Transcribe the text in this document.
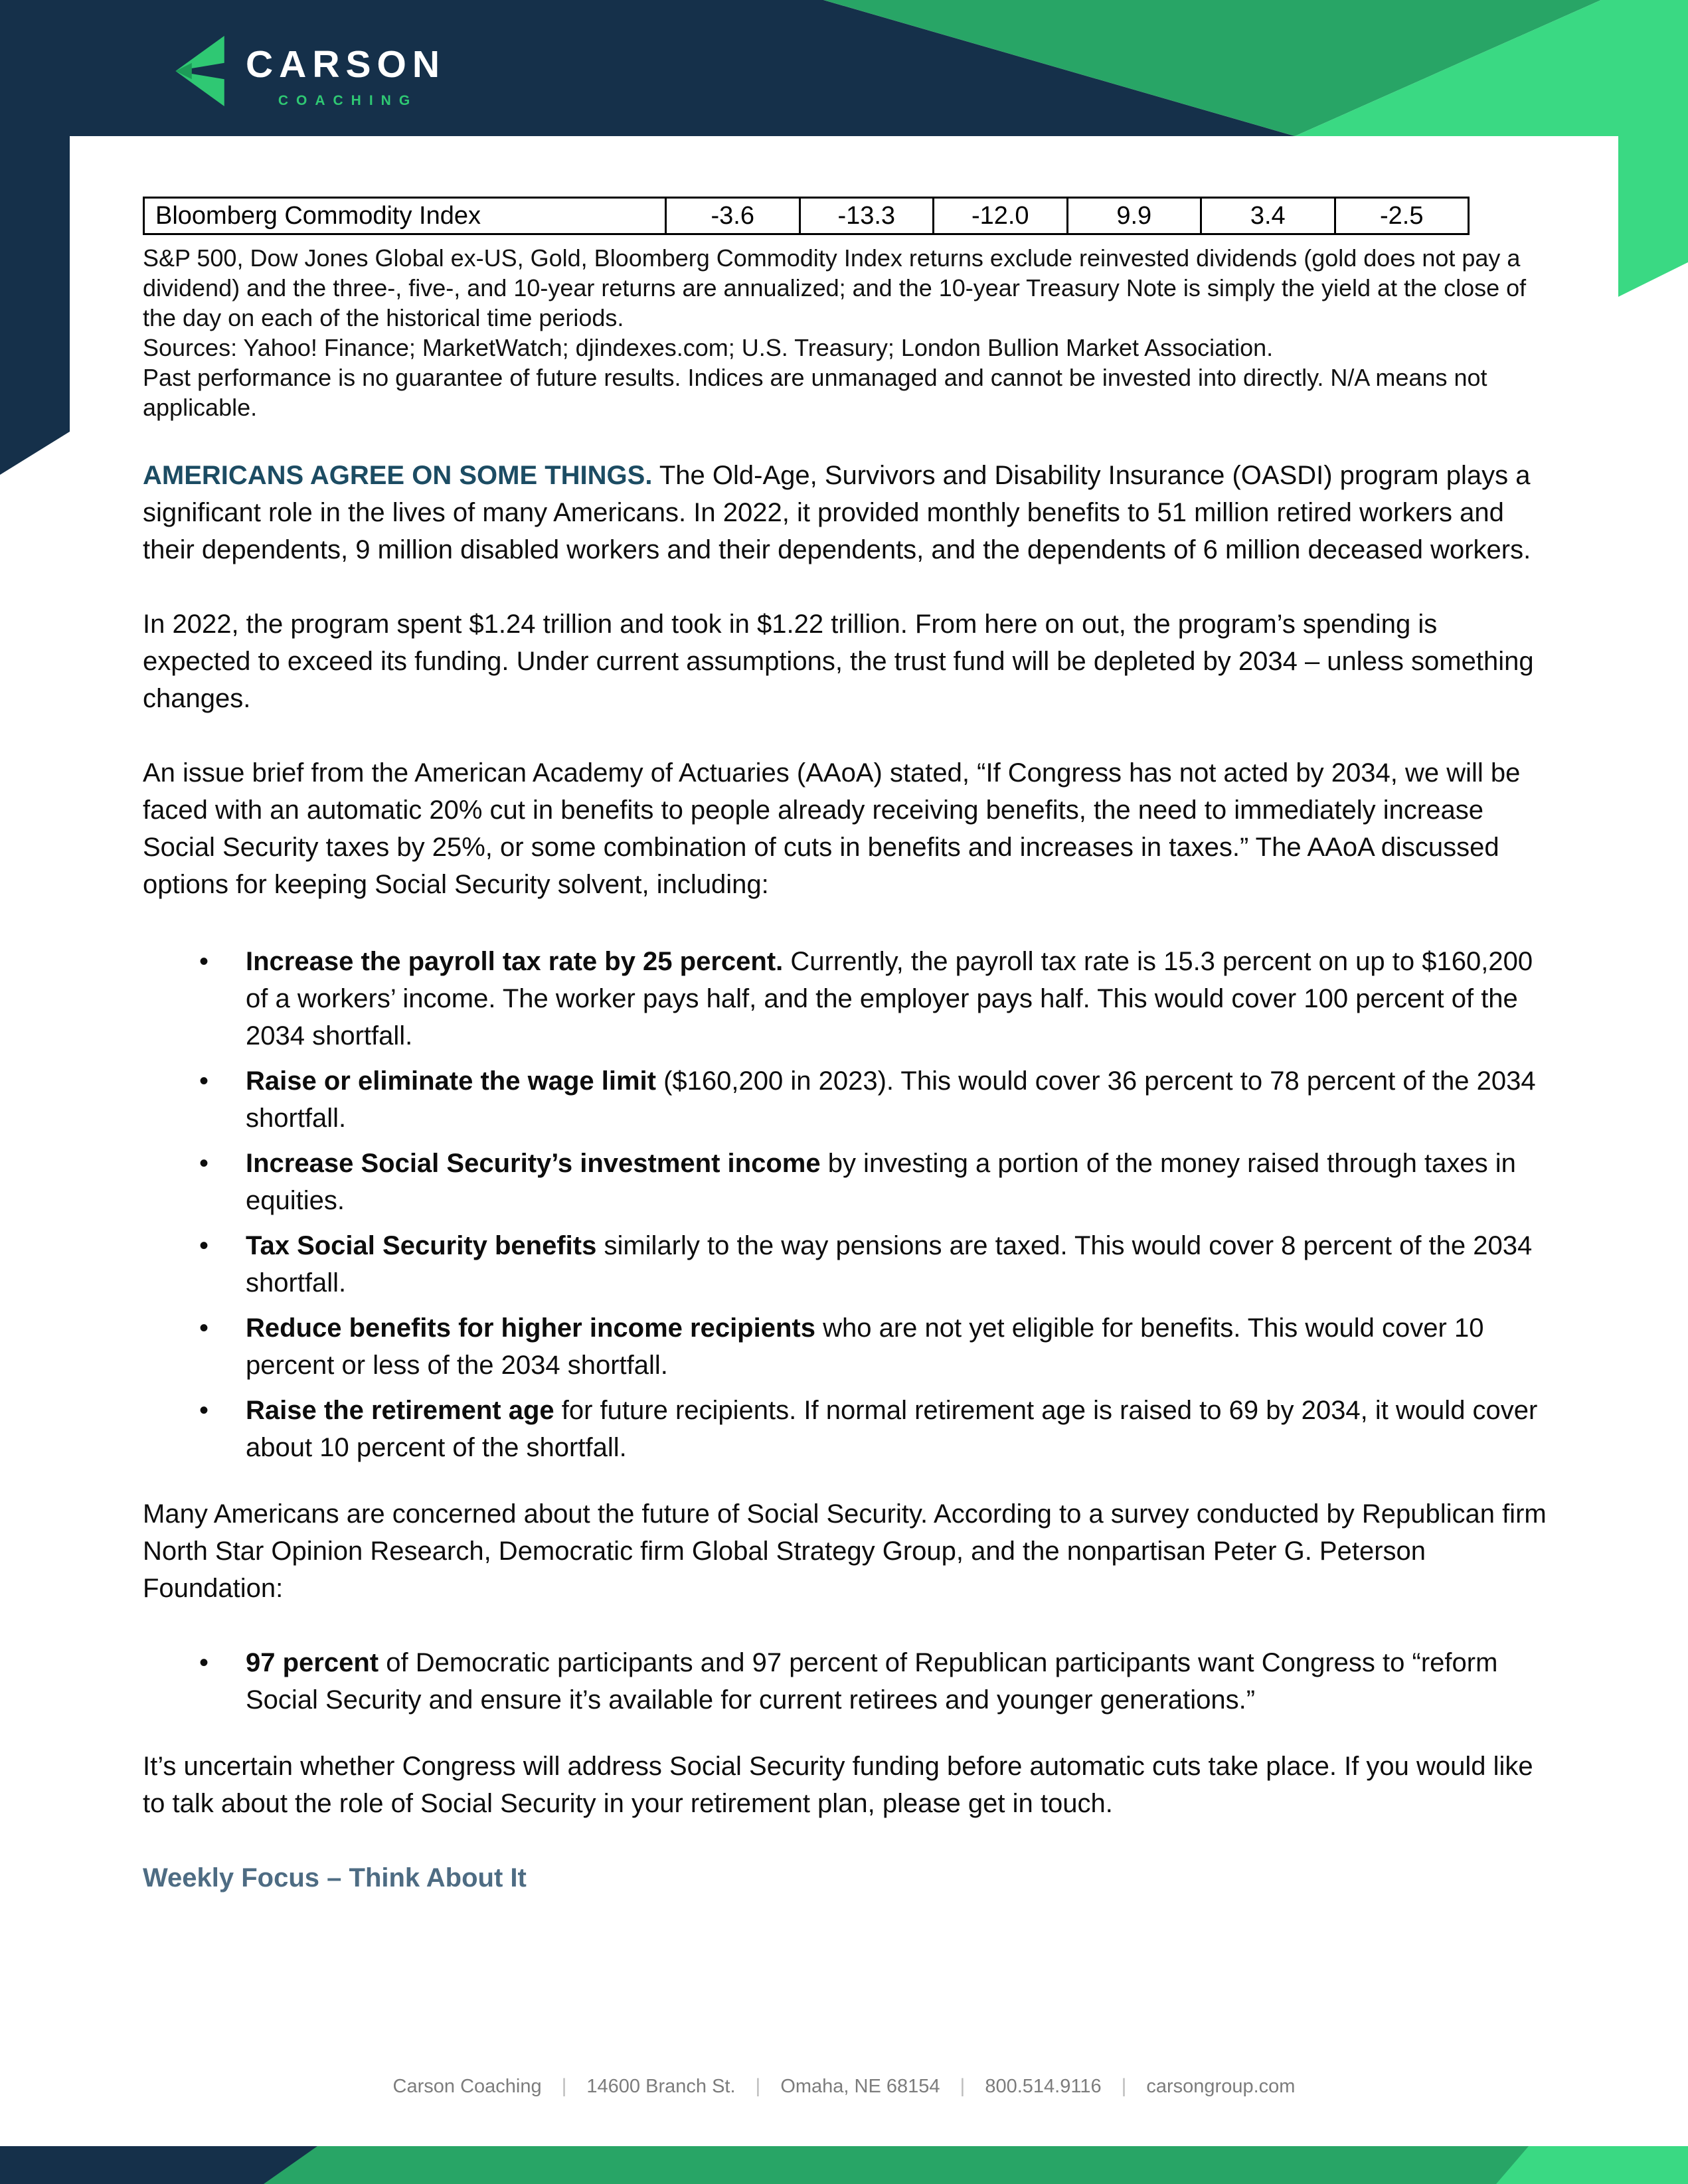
CARSON
COACHING
Bloomberg Commodity Index	-3.6	-13.3	-12.0	9.9	3.4	-2.5
S&P 500, Dow Jones Global ex-US, Gold, Bloomberg Commodity Index returns exclude reinvested dividends (gold does not pay a dividend) and the three-, five-, and 10-year returns are annualized; and the 10-year Treasury Note is simply the yield at the close of the day on each of the historical time periods.
Sources: Yahoo! Finance; MarketWatch; djindexes.com; U.S. Treasury; London Bullion Market Association.
Past performance is no guarantee of future results. Indices are unmanaged and cannot be invested into directly. N/A means not applicable.

AMERICANS AGREE ON SOME THINGS. The Old-Age, Survivors and Disability Insurance (OASDI) program plays a significant role in the lives of many Americans. In 2022, it provided monthly benefits to 51 million retired workers and their dependents, 9 million disabled workers and their dependents, and the dependents of 6 million deceased workers.

In 2022, the program spent $1.24 trillion and took in $1.22 trillion. From here on out, the program’s spending is expected to exceed its funding. Under current assumptions, the trust fund will be depleted by 2034 – unless something changes.

An issue brief from the American Academy of Actuaries (AAoA) stated, “If Congress has not acted by 2034, we will be faced with an automatic 20% cut in benefits to people already receiving benefits, the need to immediately increase Social Security taxes by 25%, or some combination of cuts in benefits and increases in taxes.” The AAoA discussed options for keeping Social Security solvent, including:

• Increase the payroll tax rate by 25 percent. Currently, the payroll tax rate is 15.3 percent on up to $160,200 of a workers’ income. The worker pays half, and the employer pays half. This would cover 100 percent of the 2034 shortfall.
• Raise or eliminate the wage limit ($160,200 in 2023). This would cover 36 percent to 78 percent of the 2034 shortfall.
• Increase Social Security’s investment income by investing a portion of the money raised through taxes in equities.
• Tax Social Security benefits similarly to the way pensions are taxed. This would cover 8 percent of the 2034 shortfall.
• Reduce benefits for higher income recipients who are not yet eligible for benefits. This would cover 10 percent or less of the 2034 shortfall.
• Raise the retirement age for future recipients. If normal retirement age is raised to 69 by 2034, it would cover about 10 percent of the shortfall.

Many Americans are concerned about the future of Social Security. According to a survey conducted by Republican firm North Star Opinion Research, Democratic firm Global Strategy Group, and the nonpartisan Peter G. Peterson Foundation:

• 97 percent of Democratic participants and 97 percent of Republican participants want Congress to “reform Social Security and ensure it’s available for current retirees and younger generations.”

It’s uncertain whether Congress will address Social Security funding before automatic cuts take place. If you would like to talk about the role of Social Security in your retirement plan, please get in touch.

Weekly Focus – Think About It

Carson Coaching | 14600 Branch St. | Omaha, NE 68154 | 800.514.9116 | carsongroup.com
